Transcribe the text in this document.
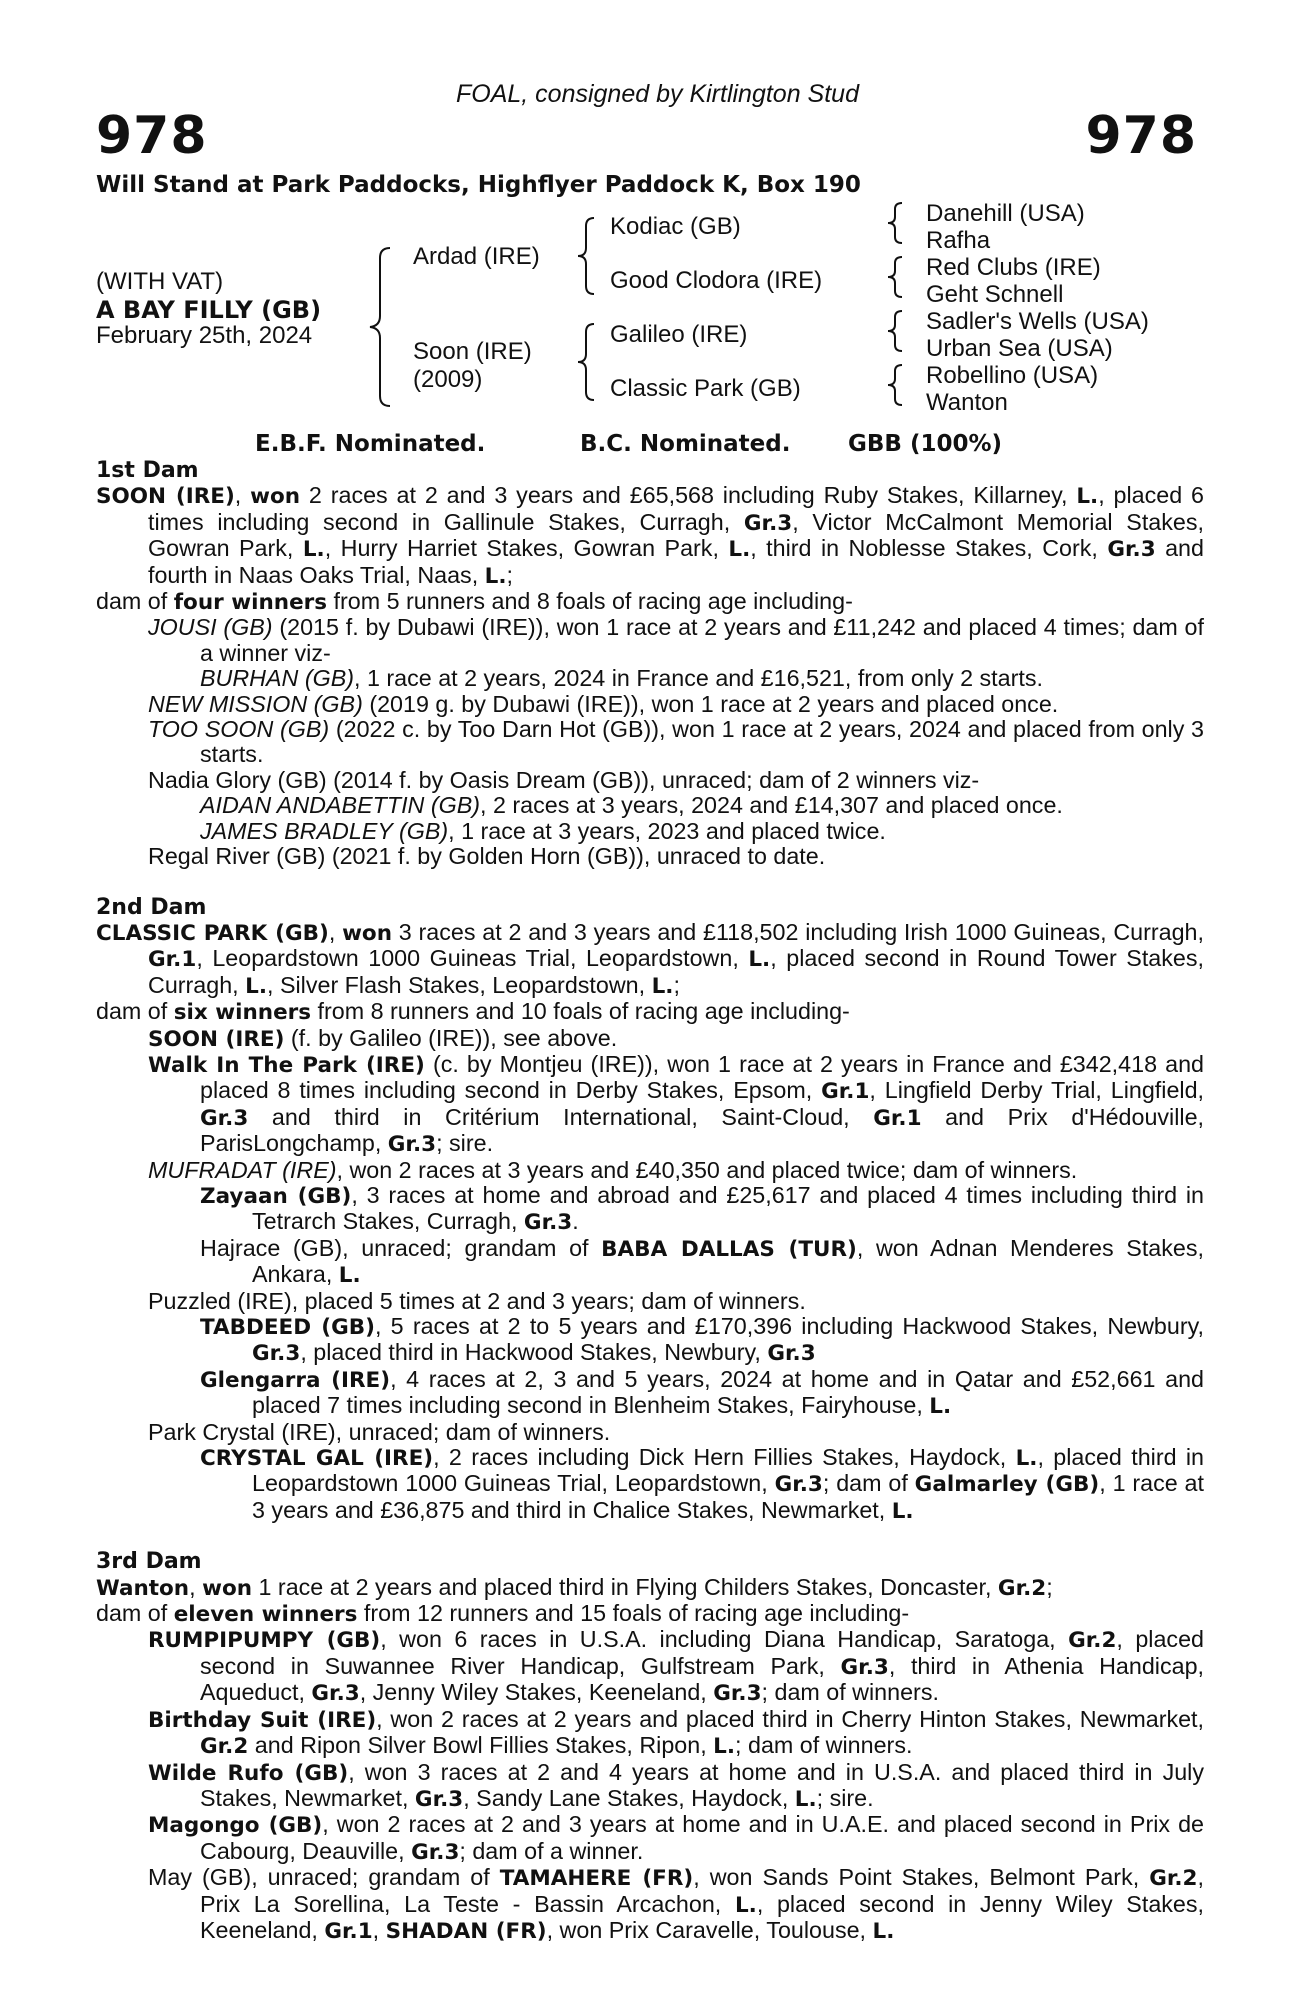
FOAL, consigned by Kirtlington Stud
978	978
Will Stand at Park Paddocks, Highflyer Paddock K, Box 190
(WITH VAT)
A BAY FILLY (GB)
February 25th, 2024
Ardad (IRE)
Soon (IRE)
(2009)
Kodiac (GB)
Good Clodora (IRE)
Galileo (IRE)
Classic Park (GB)
Danehill (USA)
Rafha
Red Clubs (IRE)
Geht Schnell
Sadler's Wells (USA)
Urban Sea (USA)
Robellino (USA)
Wanton
E.B.F. Nominated.	B.C. Nominated.	GBB (100%)
1st Dam
SOON (IRE), won 2 races at 2 and 3 years and £65,568 including Ruby Stakes, Killarney, L., placed 6 times including second in Gallinule Stakes, Curragh, Gr.3, Victor McCalmont Memorial Stakes, Gowran Park, L., Hurry Harriet Stakes, Gowran Park, L., third in Noblesse Stakes, Cork, Gr.3 and fourth in Naas Oaks Trial, Naas, L.;
dam of four winners from 5 runners and 8 foals of racing age including-
JOUSI (GB) (2015 f. by Dubawi (IRE)), won 1 race at 2 years and £11,242 and placed 4 times; dam of a winner viz-
BURHAN (GB), 1 race at 2 years, 2024 in France and £16,521, from only 2 starts.
NEW MISSION (GB) (2019 g. by Dubawi (IRE)), won 1 race at 2 years and placed once.
TOO SOON (GB) (2022 c. by Too Darn Hot (GB)), won 1 race at 2 years, 2024 and placed from only 3 starts.
Nadia Glory (GB) (2014 f. by Oasis Dream (GB)), unraced; dam of 2 winners viz-
AIDAN ANDABETTIN (GB), 2 races at 3 years, 2024 and £14,307 and placed once.
JAMES BRADLEY (GB), 1 race at 3 years, 2023 and placed twice.
Regal River (GB) (2021 f. by Golden Horn (GB)), unraced to date.
2nd Dam
CLASSIC PARK (GB), won 3 races at 2 and 3 years and £118,502 including Irish 1000 Guineas, Curragh, Gr.1, Leopardstown 1000 Guineas Trial, Leopardstown, L., placed second in Round Tower Stakes, Curragh, L., Silver Flash Stakes, Leopardstown, L.;
dam of six winners from 8 runners and 10 foals of racing age including-
SOON (IRE) (f. by Galileo (IRE)), see above.
Walk In The Park (IRE) (c. by Montjeu (IRE)), won 1 race at 2 years in France and £342,418 and placed 8 times including second in Derby Stakes, Epsom, Gr.1, Lingfield Derby Trial, Lingfield, Gr.3 and third in Critérium International, Saint-Cloud, Gr.1 and Prix d'Hédouville, ParisLongchamp, Gr.3; sire.
MUFRADAT (IRE), won 2 races at 3 years and £40,350 and placed twice; dam of winners.
Zayaan (GB), 3 races at home and abroad and £25,617 and placed 4 times including third in Tetrarch Stakes, Curragh, Gr.3.
Hajrace (GB), unraced; grandam of BABA DALLAS (TUR), won Adnan Menderes Stakes, Ankara, L.
Puzzled (IRE), placed 5 times at 2 and 3 years; dam of winners.
TABDEED (GB), 5 races at 2 to 5 years and £170,396 including Hackwood Stakes, Newbury, Gr.3, placed third in Hackwood Stakes, Newbury, Gr.3
Glengarra (IRE), 4 races at 2, 3 and 5 years, 2024 at home and in Qatar and £52,661 and placed 7 times including second in Blenheim Stakes, Fairyhouse, L.
Park Crystal (IRE), unraced; dam of winners.
CRYSTAL GAL (IRE), 2 races including Dick Hern Fillies Stakes, Haydock, L., placed third in Leopardstown 1000 Guineas Trial, Leopardstown, Gr.3; dam of Galmarley (GB), 1 race at 3 years and £36,875 and third in Chalice Stakes, Newmarket, L.
3rd Dam
Wanton, won 1 race at 2 years and placed third in Flying Childers Stakes, Doncaster, Gr.2;
dam of eleven winners from 12 runners and 15 foals of racing age including-
RUMPIPUMPY (GB), won 6 races in U.S.A. including Diana Handicap, Saratoga, Gr.2, placed second in Suwannee River Handicap, Gulfstream Park, Gr.3, third in Athenia Handicap, Aqueduct, Gr.3, Jenny Wiley Stakes, Keeneland, Gr.3; dam of winners.
Birthday Suit (IRE), won 2 races at 2 years and placed third in Cherry Hinton Stakes, Newmarket, Gr.2 and Ripon Silver Bowl Fillies Stakes, Ripon, L.; dam of winners.
Wilde Rufo (GB), won 3 races at 2 and 4 years at home and in U.S.A. and placed third in July Stakes, Newmarket, Gr.3, Sandy Lane Stakes, Haydock, L.; sire.
Magongo (GB), won 2 races at 2 and 3 years at home and in U.A.E. and placed second in Prix de Cabourg, Deauville, Gr.3; dam of a winner.
May (GB), unraced; grandam of TAMAHERE (FR), won Sands Point Stakes, Belmont Park, Gr.2, Prix La Sorellina, La Teste - Bassin Arcachon, L., placed second in Jenny Wiley Stakes, Keeneland, Gr.1, SHADAN (FR), won Prix Caravelle, Toulouse, L.
